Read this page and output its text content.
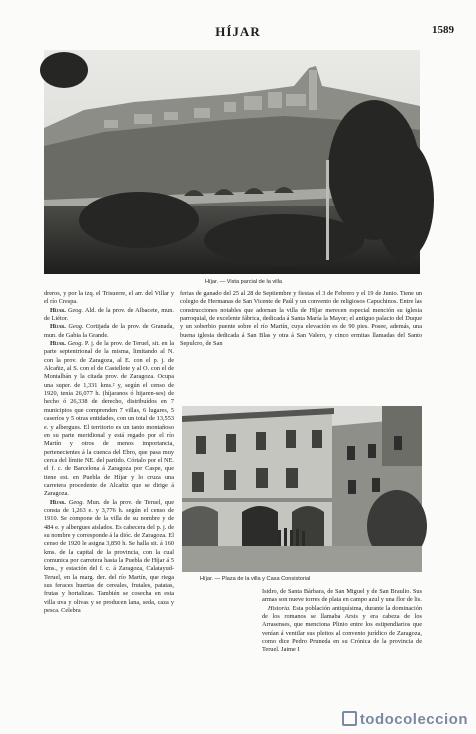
HÍJAR	1589
Híjar. — Vista parcial de la villa

dreros, y por la izq. el Trisuerre, el arr. del Villar y el río Crespa.

Híjar. Geog. Ald. de la prov. de Albacete, mun. de Liétor.

Híjar. Geog. Cortijada de la prov. de Granada, mun. de Gabia la Grande.

Híjar. Geog. P. j. de la prov. de Teruel, sit. en la parte septentrional de la misma, limitando al N. con la prov. de Zaragoza, al E. con el p. j. de Alcañiz, al S. con el de Castellote y al O. con el de Montalbán y la citada prov. de Zaragoza. Ocupa una super. de 1,331 kms.² y, según el censo de 1920, tenía 26,077 h. (híjaranos ó hijaren-ses) de hecho ó 26,338 de derecho, distribuídos en 7 municipios que comprenden 7 villas, 6 lugares, 5 caseríos y 5 otras entidades, con un total de 13,553 e. y albergues. El territorio es un tanto montañoso en su parte meridional y está regado por el río Martín y otros de menos importancia, pertenecientes á la cuenca del Ebro, que pasa muy cerca del límite NE. del partido. Córtalo por el NE. el f. c. de Barcelona á Zaragoza por Caspe, que tiene est. en Puebla de Híjar y lo cruza una carretera procedente de Alcañiz que se dirige á Zaragoza.

Híjar. Geog. Mun. de la prov. de Teruel, que consta de 1,263 e. y 3,776 h. según el censo de 1910. Se compone de la villa de su nombre y de 484 e. y albergues aislados. Es cabecera del p. j. de su nombre y corresponde á la dióc. de Zaragoza. El censo de 1920 le asigna 3,850 h. Se halla sit. á 160 kms. de la capital de la provincia, con la cual comunica por carretera hasta la Puebla de Híjar á 5 kms., y estación del f. c. á Zaragoza, Calatayud-Teruel, en la marg. der. del río Martín, que riega sus feraces huertas de cereales, frutales, patatas, frutas y hortalizas. También se cosecha en esta villa uva y olivas y se producen lana, seda, caza y pesca. Celebra

ferias de ganado del 25 al 28 de Septiembre y fiestas el 3 de Febrero y el 19 de Junio. Tiene un colegio de Hermanas de San Vicente de Paúl y un convento de religiosos Capuchinos. Entre las construcciones notables que adornan la villa de Híjar merecen especial mención su iglesia parroquial, de excelente fábrica, dedicada á Santa María la Mayor; el antiguo palacio del Duque y un soberbio puente sobre el río Martín, cuya elevación es de 90 pies. Posee, además, una buena iglesia dedicada á San Blas y otra á San Valero, y cinco ermitas llamadas del Santo Sepulcro, de San

Híjar. — Plaza de la villa y Casa Consistorial

Isidro, de Santa Bárbara, de San Miguel y de San Braulio. Sus armas son nueve torres de plata en campo azul y una flor de lis.

Historia. Esta población antiquísima, durante la dominación de los romanos se llamaba Arsis y era cabeza de los Arrasenses, que menciona Plinio entre los estipendiarios que venían á ventilar sus pleitos al convento jurídico de Zaragoza, como dice Pedro Pruneda en su Crónica de la provincia de Teruel. Jaime I

todocoleccion
